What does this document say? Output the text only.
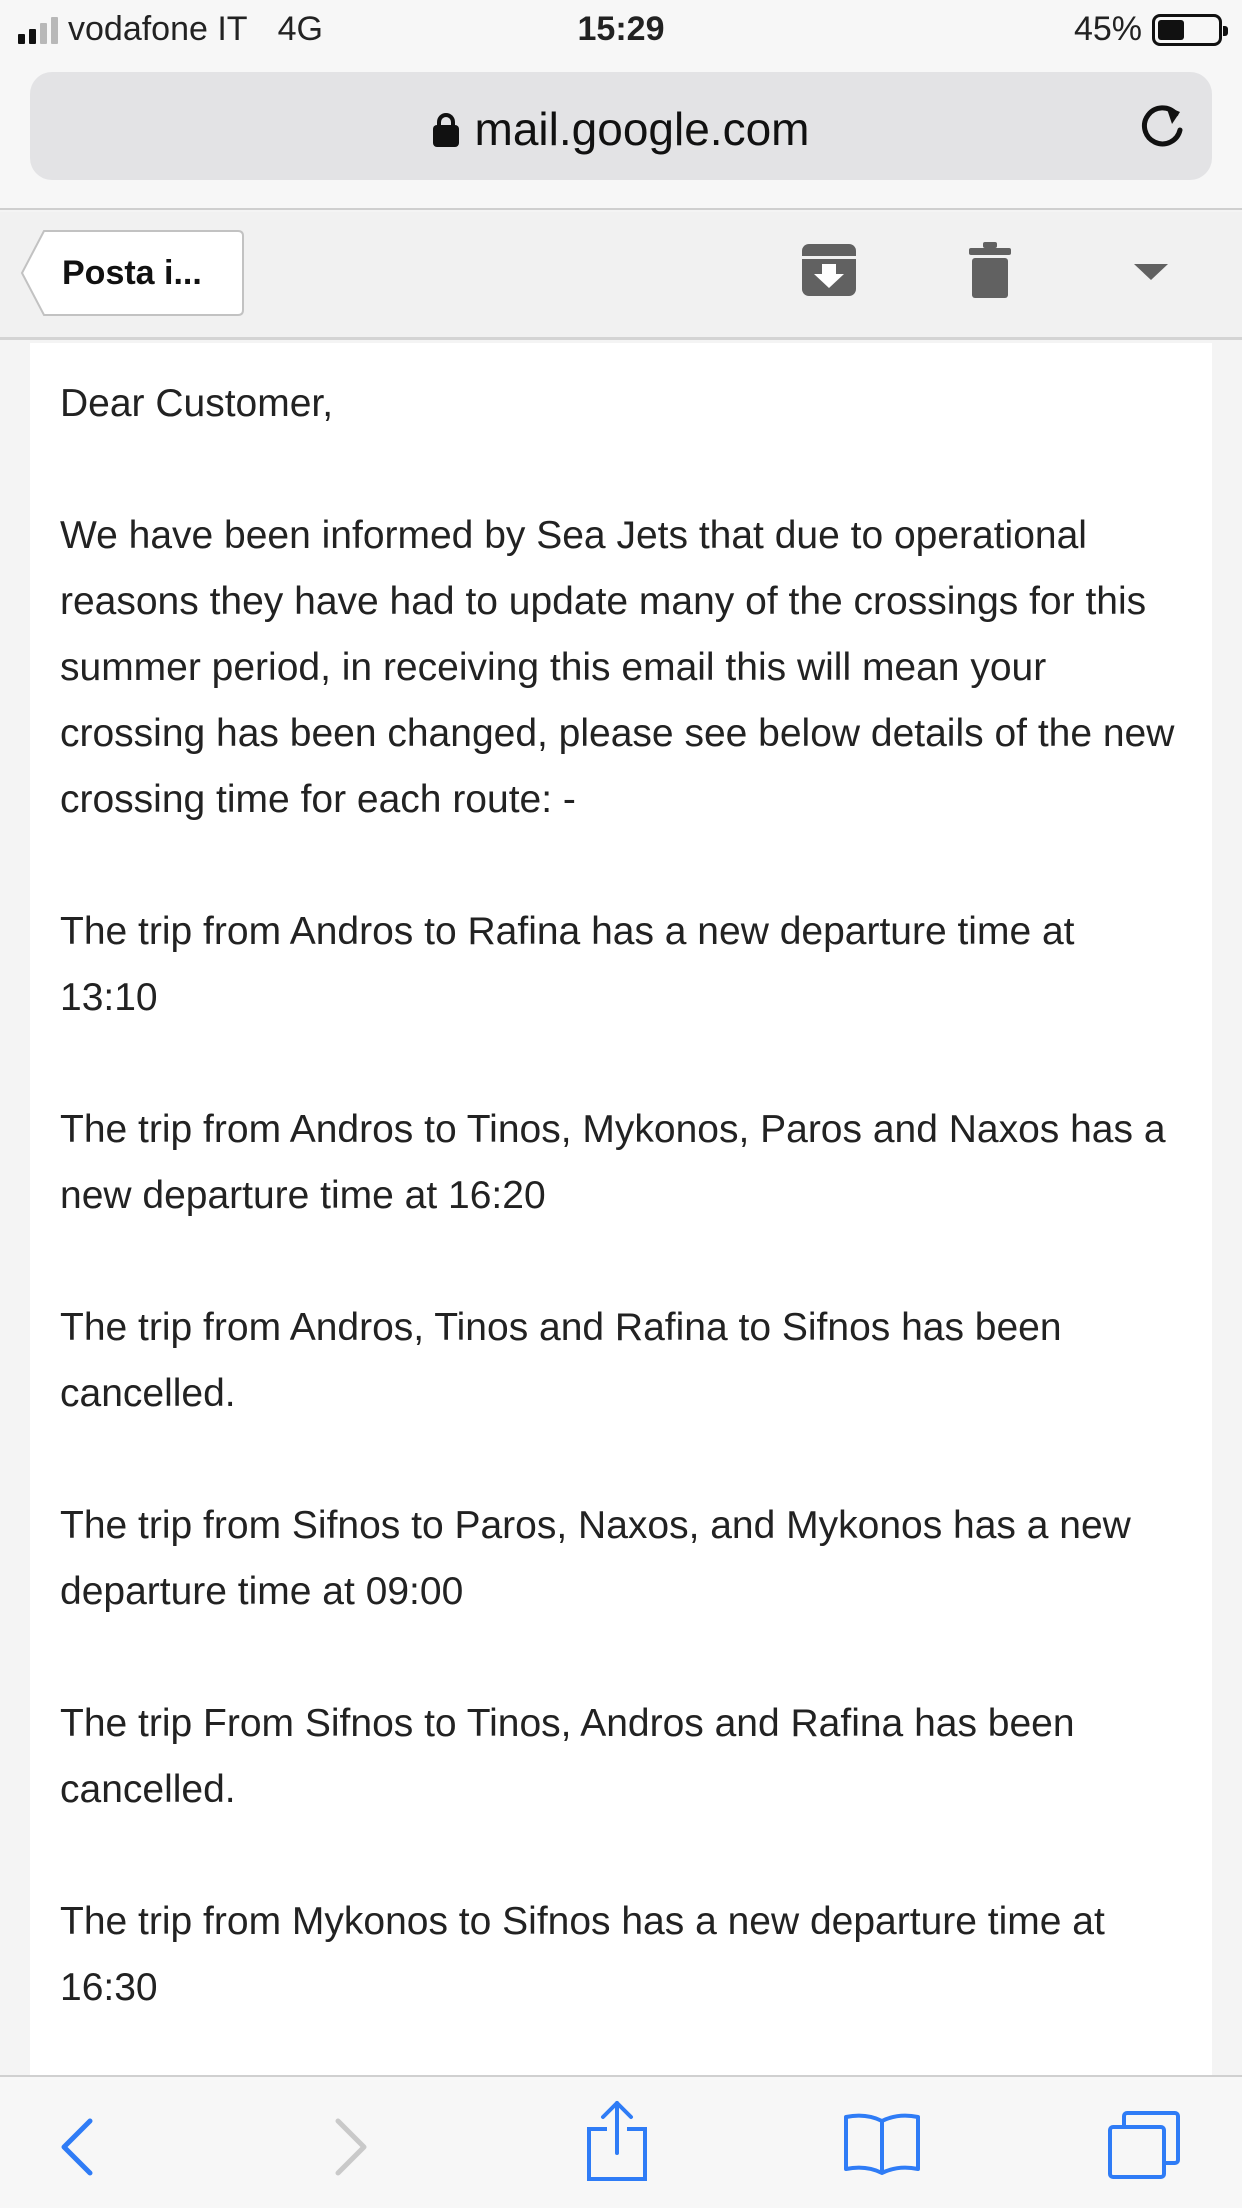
vodafone IT 4G	15:29	45%
mail.google.com
Posta i...

Dear Customer,

We have been informed by Sea Jets that due to operational reasons they have had to update many of the crossings for this summer period, in receiving this email this will mean your crossing has been changed, please see below details of the new crossing time for each route: -

The trip from Andros to Rafina has a new departure time at 13:10

The trip from Andros to Tinos, Mykonos, Paros and Naxos has a new departure time at 16:20

The trip from Andros, Tinos and Rafina to Sifnos has been cancelled.

The trip from Sifnos to Paros, Naxos, and Mykonos has a new departure time at 09:00

The trip From Sifnos to Tinos, Andros and Rafina has been cancelled.

The trip from Mykonos to Sifnos has a new departure time at 16:30
